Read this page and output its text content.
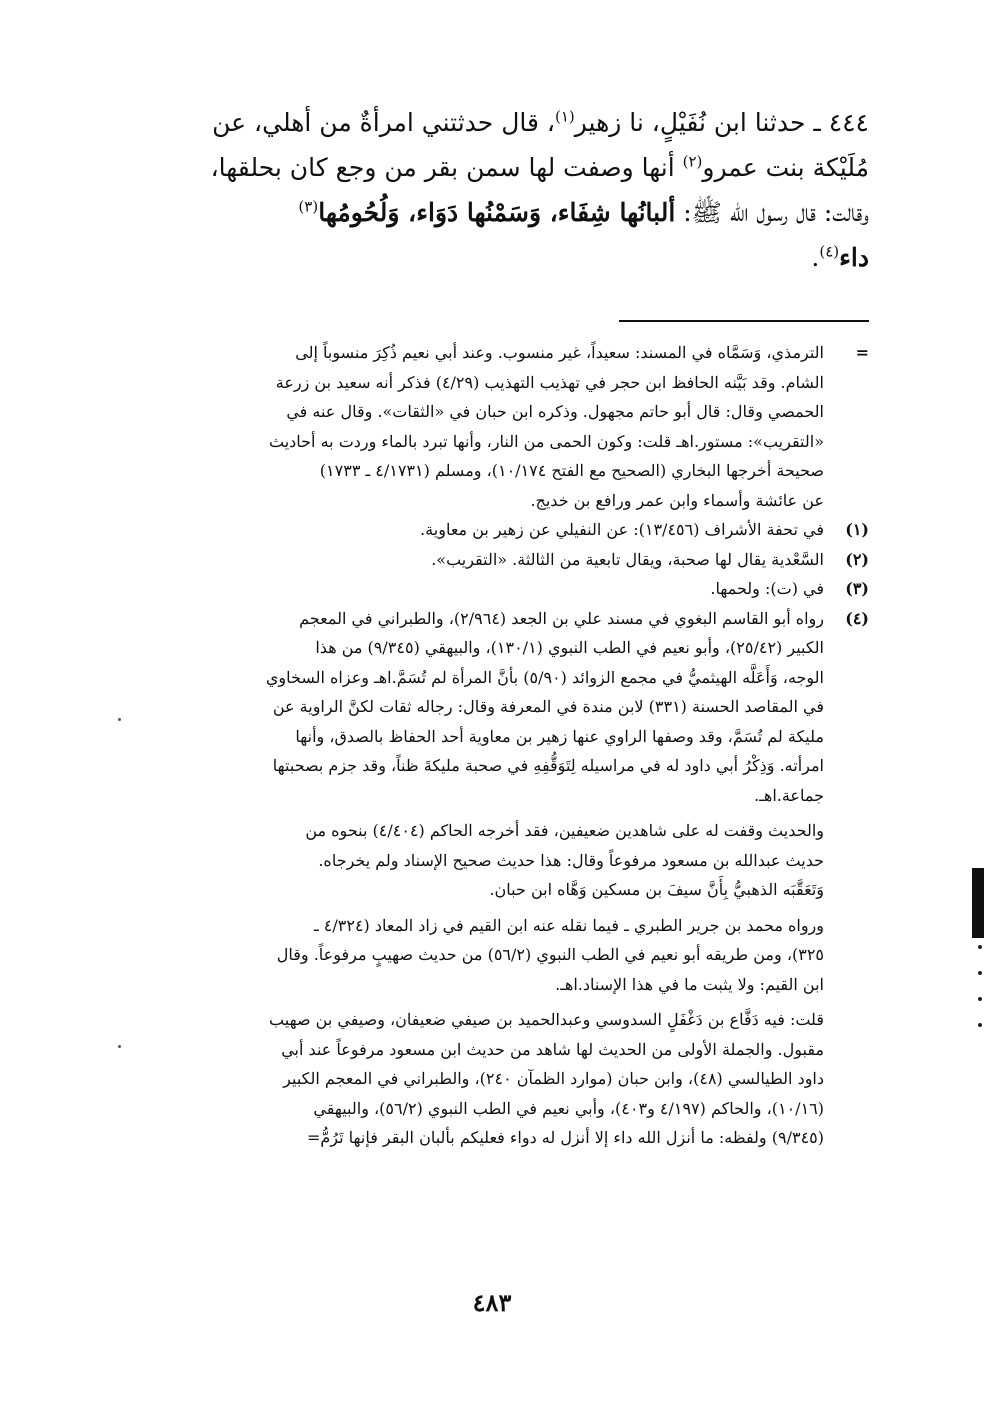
٤٤٤ ـ حدثنا ابن نُفَيْلٍ، نا زهير$^{(١)}$، قال حدثتني امرأةٌ من أهلي، عن
مُلَيْكة بنت عمرو$^{(٢)}$ أنها وصفت لها سمن بقر من وجع كان بحلقها،
وقالت: قال رسول الله ﷺ: ألبانُها شِفَاء، وَسَمْنُها دَوَاء، وَلُحُومُها$^{(٣)}$
داء$^{(٤)}$.
=
الترمذي، وَسَمَّاه في المسند: سعيداً، غير منسوب. وعند أبي نعيم ذُكِرَ منسوباً إلى
الشام. وقد بَيَّنه الحافظ ابن حجر في تهذيب التهذيب (٤/٢٩) فذكر أنه سعيد بن زرعة
الحمصي وقال: قال أبو حاتم مجهول. وذكره ابن حبان في «الثقات». وقال عنه في
«التقريب»: مستور.اهـ قلت: وكون الحمى من النار، وأنها تبرد بالماء وردت به أحاديث
صحيحة أخرجها البخاري (الصحيح مع الفتح ١٠/١٧٤)، ومسلم (٤/١٧٣١ ـ ١٧٣٣)
عن عائشة وأسماء وابن عمر ورافع بن خديج.
(١)
في تحفة الأشراف (١٣/٤٥٦): عن النفيلي عن زهير بن معاوية.
(٢)
السَّعْدية يقال لها صحبة، ويقال تابعية من الثالثة. «التقريب».
(٣)
في (ت): ولحمها.
(٤)
رواه أبو القاسم البغوي في مسند علي بن الجعد (٢/٩٦٤)، والطبراني في المعجم
الكبير (٢٥/٤٢)، وأبو نعيم في الطب النبوي (١٣٠/١)، والبيهقي (٩/٣٤٥) من هذا
الوجه، وَأَعَلَّه الهيثميُّ في مجمع الزوائد (٥/٩٠) بأنَّ المرأة لم تُسَمَّ.اهـ وعزاه السخاوي
في المقاصد الحسنة (٣٣١) لابن مندة في المعرفة وقال: رجاله ثقات لكنَّ الراوية عن
مليكة لم تُسَمَّ، وقد وصفها الراوي عنها زهير بن معاوية أحد الحفاظ بالصدق، وأنها
امرأته. وَذِكْرُ أبي داود له في مراسيله لِتَوَقُّفِهِ في صحبة مليكةَ ظناً، وقد جزم بصحبتها
جماعة.اهـ.
والحديث وقفت له على شاهدين ضعيفين، فقد أخرجه الحاكم (٤/٤٠٤) بنحوه من
حديث عبدالله بن مسعود مرفوعاً وقال: هذا حديث صحيح الإسناد ولم يخرجاه.
وَتَعَقَّبَه الذهبيُّ بِأَنَّ سيفَ بن مسكين وَهَّاه ابن حبان.
ورواه محمد بن جرير الطبري ـ فيما نقله عنه ابن القيم في زاد المعاد (٤/٣٢٤ ـ
٣٢٥)، ومن طريقه أبو نعيم في الطب النبوي (٥٦/٢) من حديث صهيبٍ مرفوعاً. وقال
ابن القيم: ولا يثبت ما في هذا الإسناد.اهـ.
قلت: فيه دَفَّاع بن دَغْفَلٍ السدوسي وعبدالحميد بن صيفي ضعيفان، وصيفي بن صهيب
مقبول. والجملة الأولى من الحديث لها شاهد من حديث ابن مسعود مرفوعاً عند أبي
داود الطيالسي (٤٨)، وابن حبان (موارد الظمآن ٢٤٠)، والطبراني في المعجم الكبير
(١٠/١٦)، والحاكم (٤/١٩٧ و٤٠٣)، وأبي نعيم في الطب النبوي (٥٦/٢)، والبيهقي
(٩/٣٤٥) ولفظه: ما أنزل الله داء إلا أنزل له دواء فعليكم بألبان البقر فإنها تَرُمُّ=
٤٨٣
